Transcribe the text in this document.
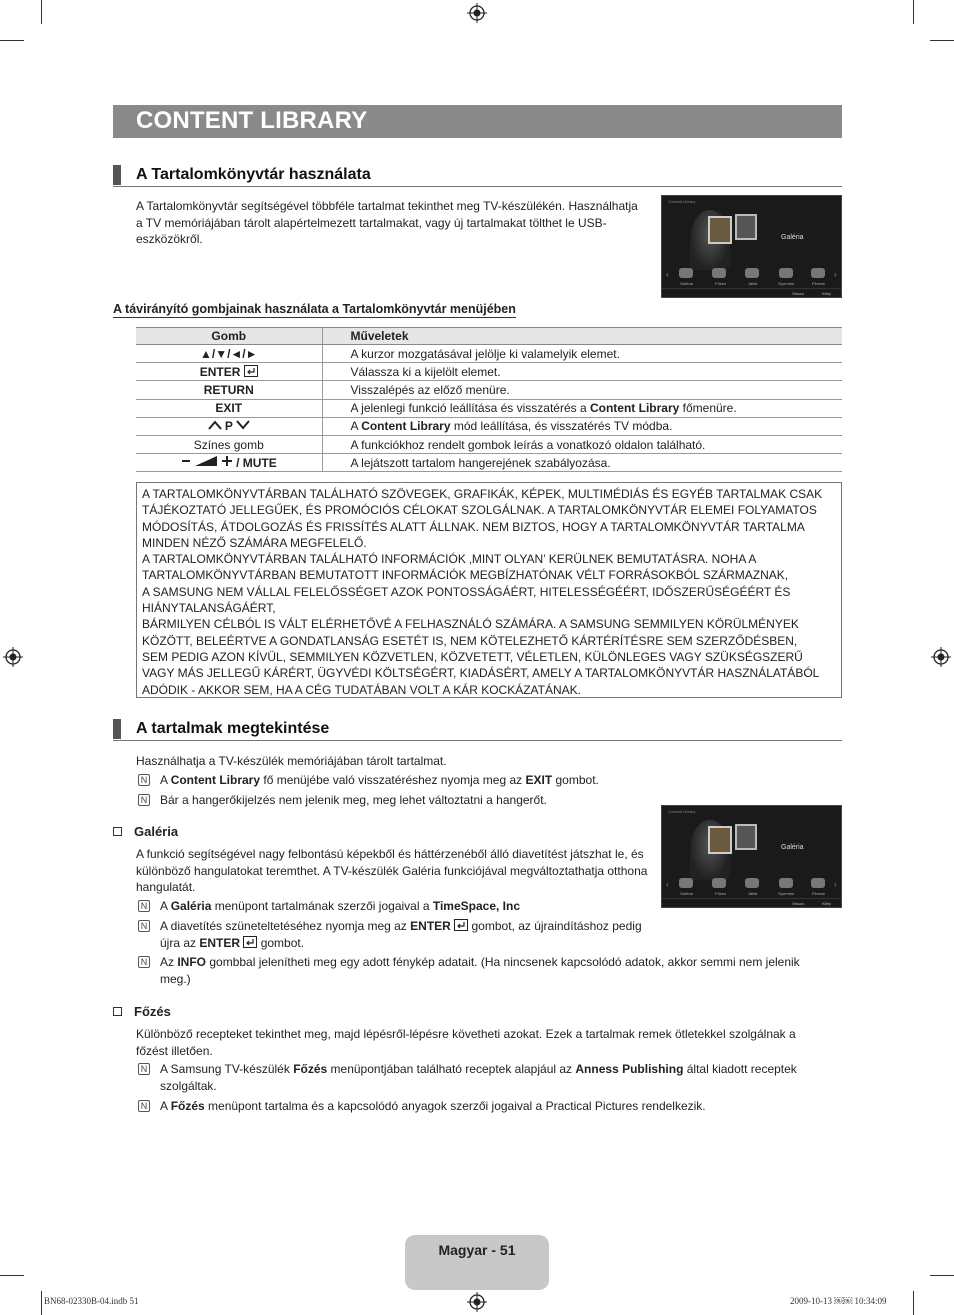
CONTENT LIBRARY
A Tartalomkönyvtár használata
A Tartalomkönyvtár segítségével többféle tartalmat tekinthet meg TV-készülékén. Használhatja
a TV memóriájában tárolt alapértelmezett tartalmakat, vagy új tartalmakat tölthet le USB-
eszközökről.
Content Library
Galéria
‹	›
Galéria	Főzés	Játék	Gyermek	Fitness
Vissza	Kilép
A távirányító gombjainak használata a Tartalomkönyvtár menüjében
Gomb	Műveletek
▲/▼/◄/►	A kurzor mozgatásával jelölje ki valamelyik elemet.
ENTER	Válassza ki a kijelölt elemet.
RETURN	Visszalépés az előző menüre.
EXIT	A jelenlegi funkció leállítása és visszatérés a Content Library főmenüre.
P	A Content Library mód leállítása, és visszatérés TV módba.
Színes gomb	A funkciókhoz rendelt gombok leírás a vonatkozó oldalon található.
/ MUTE	A lejátszott tartalom hangerejének szabályozása.

A TARTALOMKÖNYVTÁRBAN TALÁLHATÓ SZÖVEGEK, GRAFIKÁK, KÉPEK, MULTIMÉDIÁS ÉS EGYÉB TARTALMAK CSAK

TÁJÉKOZTATÓ JELLEGŰEK, ÉS PROMÓCIÓS CÉLOKAT SZOLGÁLNAK. A TARTALOMKÖNYVTÁR ELEMEI FOLYAMATOS

MÓDOSÍTÁS, ÁTDOLGOZÁS ÉS FRISSÍTÉS ALATT ÁLLNAK. NEM BIZTOS, HOGY A TARTALOMKÖNYVTÁR TARTALMA

MINDEN NÉZŐ SZÁMÁRA MEGFELELŐ.

A TARTALOMKÖNYVTÁRBAN TALÁLHATÓ INFORMÁCIÓK ‚MINT OLYAN’ KERÜLNEK BEMUTATÁSRA. NOHA A

TARTALOMKÖNYVTÁRBAN BEMUTATOTT INFORMÁCIÓK MEGBÍZHATÓNAK VÉLT FORRÁSOKBÓL SZÁRMAZNAK,

A SAMSUNG NEM VÁLLAL FELELŐSSÉGET AZOK PONTOSSÁGÁÉRT, HITELESSÉGÉÉRT, IDŐSZERŰSÉGÉÉRT ÉS

HIÁNYTALANSÁGÁÉRT,

BÁRMILYEN CÉLBÓL IS VÁLT ELÉRHETŐVÉ A FELHASZNÁLÓ SZÁMÁRA. A SAMSUNG SEMMILYEN KÖRÜLMÉNYEK

KÖZÖTT, BELEÉRTVE A GONDATLANSÁG ESETÉT IS, NEM KÖTELEZHETŐ KÁRTÉRÍTÉSRE SEM SZERZŐDÉSBEN,

SEM PEDIG AZON KÍVÜL, SEMMILYEN KÖZVETLEN, KÖZVETETT, VÉLETLEN, KÜLÖNLEGES VAGY SZÜKSÉGSZERŰ

VAGY MÁS JELLEGŰ KÁRÉRT, ÜGYVÉDI KÖLTSÉGÉRT, KIADÁSÉRT, AMELY A TARTALOMKÖNYVTÁR HASZNÁLATÁBÓL

ADÓDIK - AKKOR SEM, HA A CÉG TUDATÁBAN VOLT A KÁR KOCKÁZATÁNAK.

A tartalmak megtekintése
Használhatja a TV-készülék memóriájában tárolt tartalmat.
N A Content Library fő menüjébe való visszatéréshez nyomja meg az EXIT gombot.
N Bár a hangerőkijelzés nem jelenik meg, meg lehet változtatni a hangerőt.
Content Library
Galéria
‹	›
Galéria	Főzés	Játék	Gyermek	Fitness
Vissza	Kilép
Galéria
A funkció segítségével nagy felbontású képekből és háttérzenéből álló diavetítést játszhat le, és
különböző hangulatokat teremthet. A TV-készülék Galéria funkciójával megváltoztathatja otthona
hangulatát.
N A Galéria menüpont tartalmának szerzői jogaival a TimeSpace, Inc
N A diavetítés szüneteltetéséhez nyomja meg az ENTER  gombot, az újraindításhoz pedig
újra az ENTER  gombot.
N Az INFO gombbal jelenítheti meg egy adott fénykép adatait. (Ha nincsenek kapcsolódó adatok, akkor semmi nem jelenik
meg.)
Főzés
Különböző recepteket tekinthet meg, majd lépésről-lépésre követheti azokat. Ezek a tartalmak remek ötletekkel szolgálnak a
főzést illetően.
N A Samsung TV-készülék Főzés menüpontjában található receptek alapjául az Anness Publishing által kiadott receptek
szolgáltak.
N A Főzés menüpont tartalma és a kapcsolódó anyagok szerzői jogaival a Practical Pictures rendelkezik.
Magyar - 51
BN68-02330B-04.indb 51	2009-10-13 ￼￼ 10:34:09
